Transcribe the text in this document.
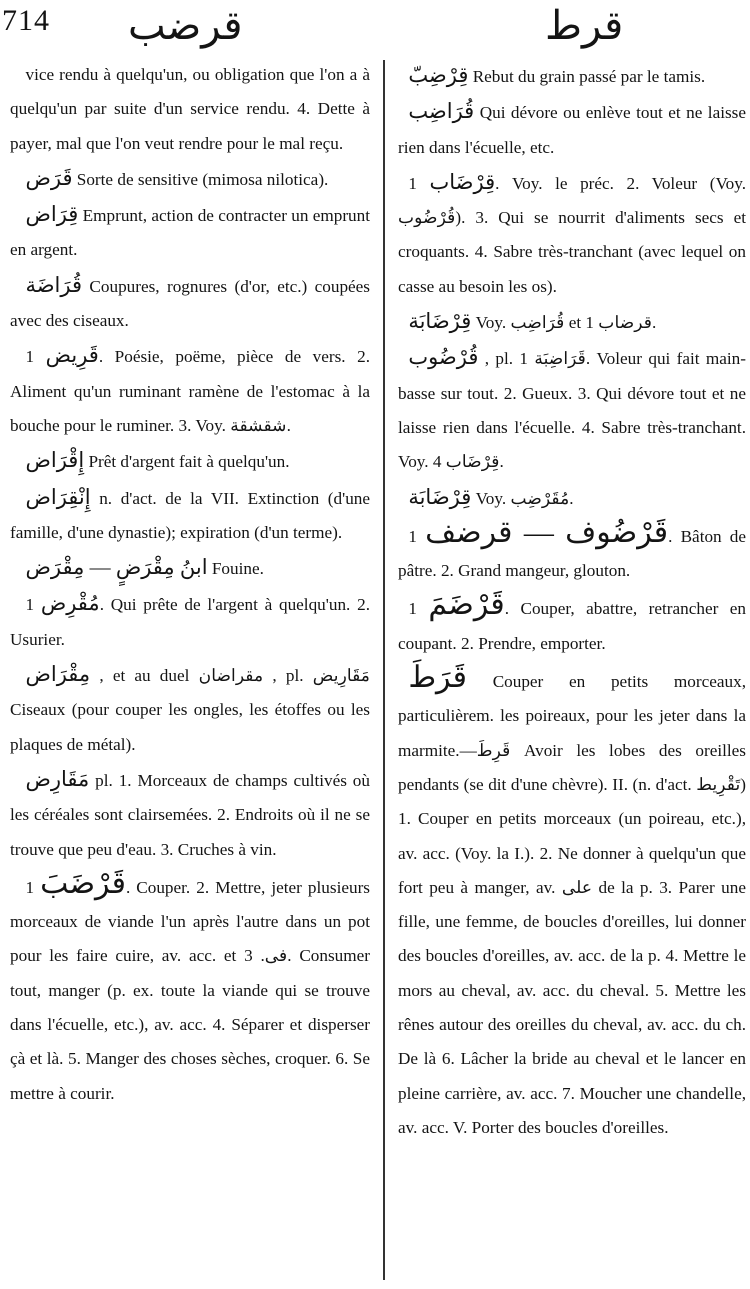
714 قرضب	قرط

vice rendu à quelqu'un, ou obligation que l'on a à quelqu'un par suite d'un service rendu. 4. Dette à payer, mal que l'on veut rendre pour le mal reçu.

قَرَض Sorte de sensitive (mimosa nilotica).

قِرَاض Emprunt, action de contracter un emprunt en argent.

قُرَاضَة Coupures, rognures (d'or, etc.) coupées avec des ciseaux.

قَرِيض 1. Poésie, poëme, pièce de vers. 2. Aliment qu'un ruminant ramène de l'estomac à la bouche pour le ruminer. 3. Voy. شقشقة.

إِقْرَاض Prêt d'argent fait à quelqu'un.

إِنْقِرَاض n. d'act. de la VII. Extinction (d'une famille, d'une dynastie); expiration (d'un terme).

ابنُ مِقْرَضٍ — مِقْرَض Fouine.

مُقْرِض 1. Qui prête de l'argent à quelqu'un. 2. Usurier.

مِقْرَاض , et au duel مقراضان , pl. مَقَارِيض Ciseaux (pour couper les ongles, les étoffes ou les plaques de métal).

مَقَارِض pl. 1. Morceaux de champs cultivés où les céréales sont clairsemées. 2. Endroits où il ne se trouve que peu d'eau. 3. Cruches à vin.

قَرْضَبَ 1. Couper. 2. Mettre, jeter plusieurs morceaux de viande l'un après l'autre dans un pot pour les faire cuire, av. acc. et فى. 3. Consumer tout, manger (p. ex. toute la viande qui se trouve dans l'écuelle, etc.), av. acc. 4. Séparer et disperser çà et là. 5. Manger des choses sèches, croquer. 6. Se mettre à courir.

قِرْضِبّ Rebut du grain passé par le tamis.

قُرَاضِب Qui dévore ou enlève tout et ne laisse rien dans l'écuelle, etc.

قِرْضَاب 1. Voy. le préc. 2. Voleur (Voy. قُرْضُوب). 3. Qui se nourrit d'aliments secs et croquants. 4. Sabre très-tranchant (avec lequel on casse au besoin les os).

قِرْضَابَة Voy. قُرَاضِب et قرضاب 1.

قُرْضُوب , pl. قَرَاضِبَة 1. Voleur qui fait main-basse sur tout. 2. Gueux. 3. Qui dévore tout et ne laisse rien dans l'écuelle. 4. Sabre très-tranchant. Voy. قِرْضَاب 4.

قِرْضَابَة Voy. مُقَرْضِب.

قَرْضُوف — قرضف 1. Bâton de pâtre. 2. Grand mangeur, glouton.

قَرْضَمَ 1. Couper, abattre, retrancher en coupant. 2. Prendre, emporter.

قَرَطَ Couper en petits morceaux, particulièrem. les poireaux, pour les jeter dans la marmite.—قَرِطَ Avoir les lobes des oreilles pendants (se dit d'une chèvre). II. (n. d'act. تَقْرِيط) 1. Couper en petits morceaux (un poireau, etc.), av. acc. (Voy. la I.). 2. Ne donner à quelqu'un que fort peu à manger, av. على de la p. 3. Parer une fille, une femme, de boucles d'oreilles, lui donner des boucles d'oreilles, av. acc. de la p. 4. Mettre le mors au cheval, av. acc. du cheval. 5. Mettre les rênes autour des oreilles du cheval, av. acc. du ch. De là 6. Lâcher la bride au cheval et le lancer en pleine carrière, av. acc. 7. Moucher une chandelle, av. acc. V. Porter des boucles d'oreilles.
